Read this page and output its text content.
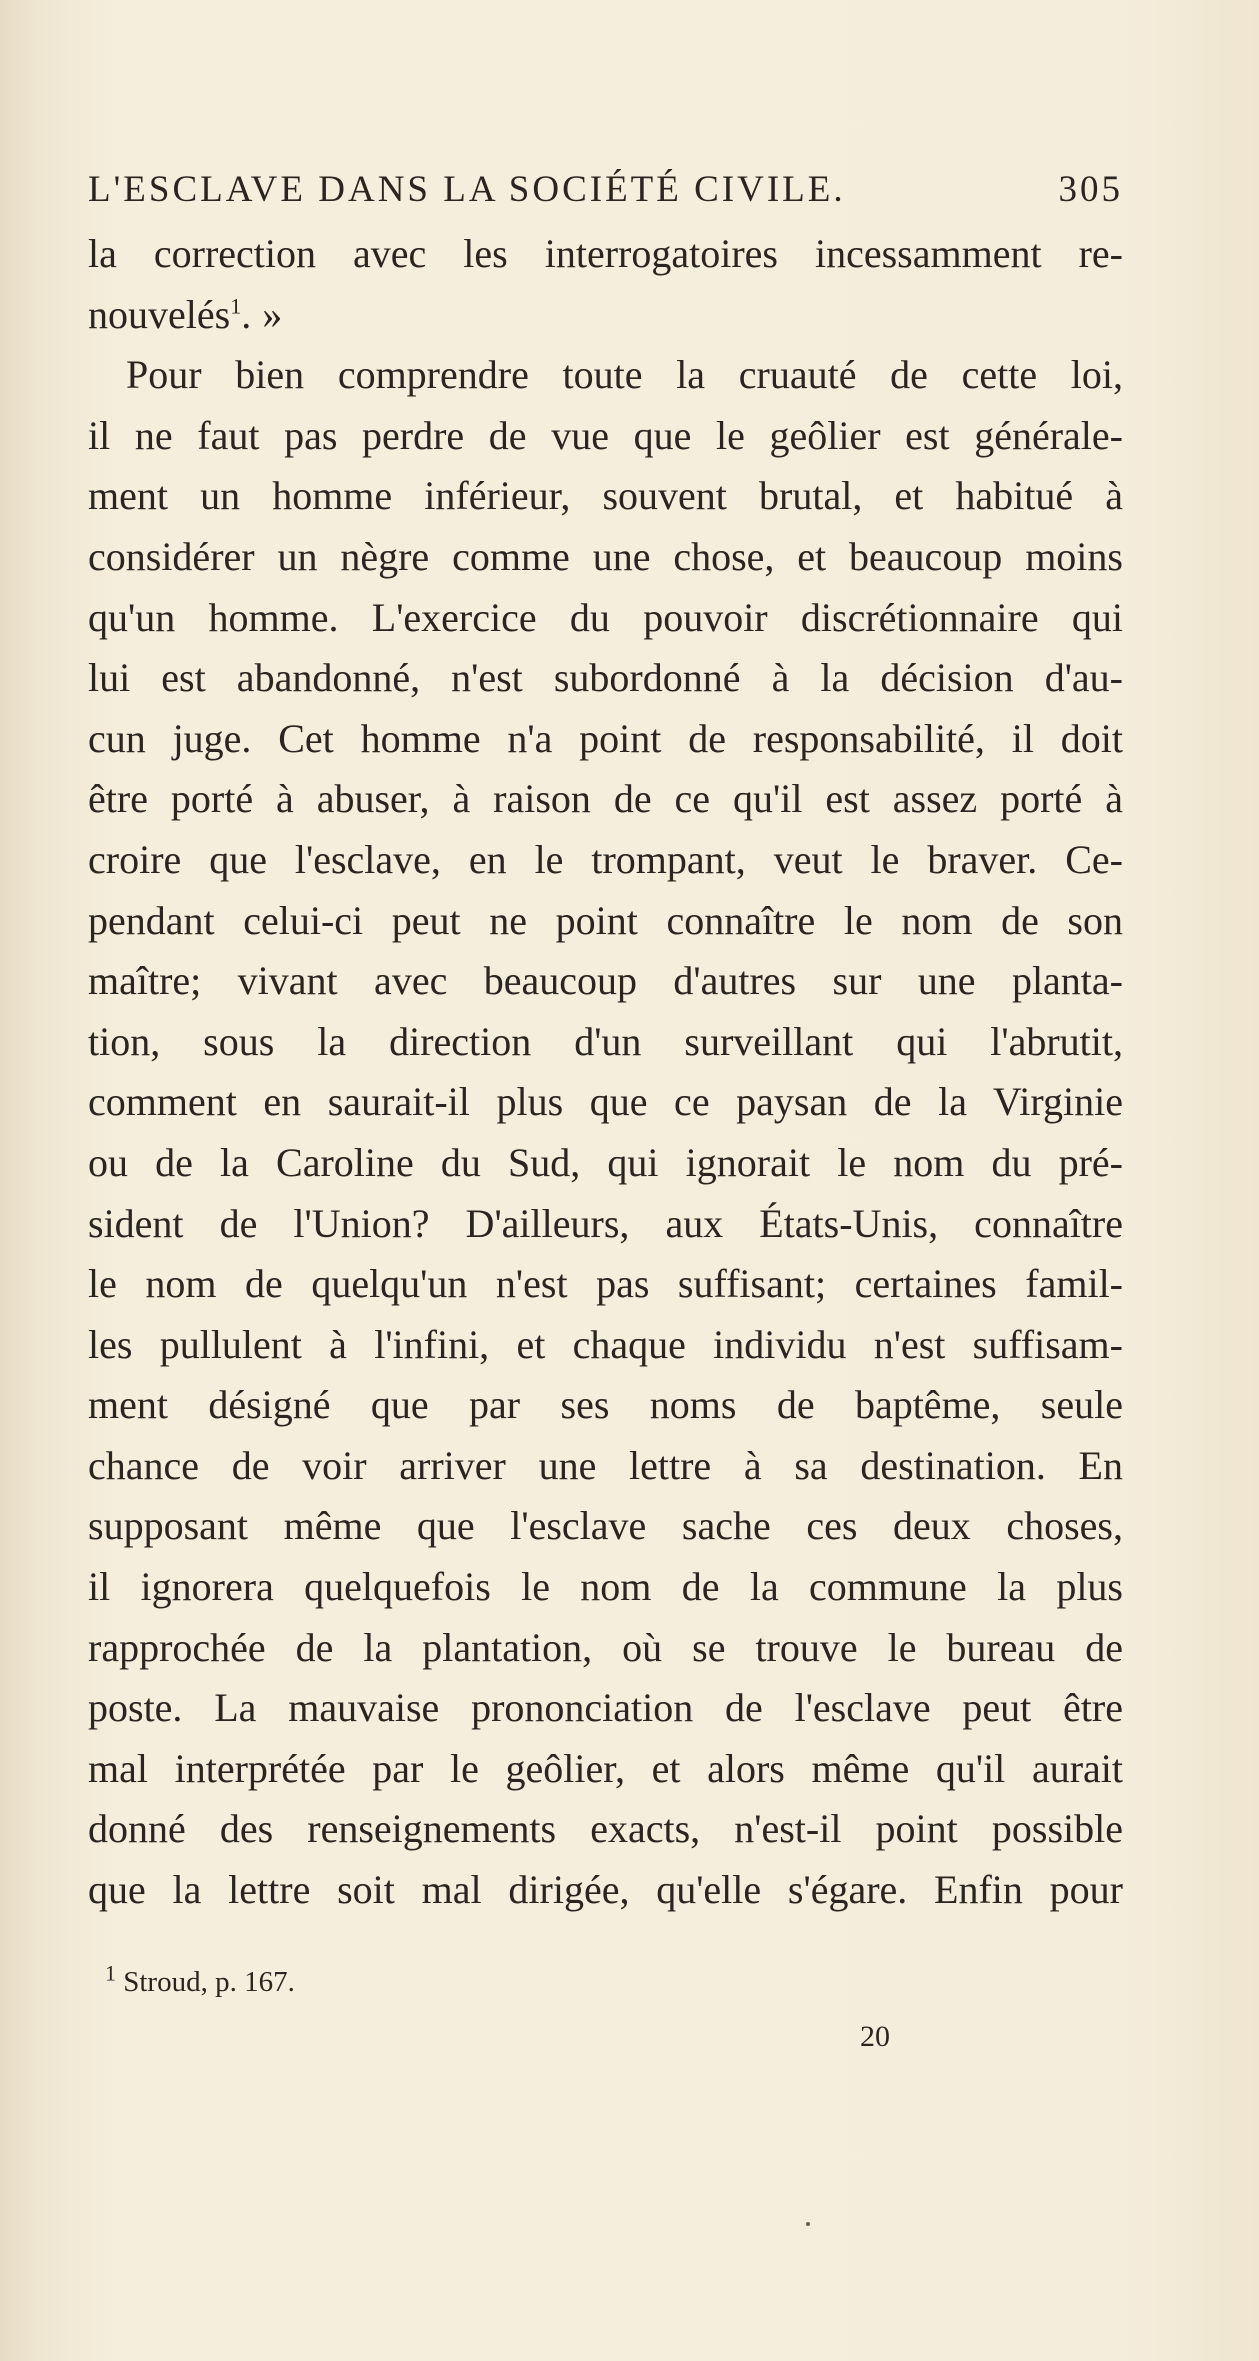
L'ESCLAVE DANS LA SOCIÉTÉ CIVILE.	305
la correction avec les interrogatoires incessamment re-
nouvelés$^1$. »
Pour bien comprendre toute la cruauté de cette loi,
il ne faut pas perdre de vue que le geôlier est générale-
ment un homme inférieur, souvent brutal, et habitué à
considérer un nègre comme une chose, et beaucoup moins
qu'un homme. L'exercice du pouvoir discrétionnaire qui
lui est abandonné, n'est subordonné à la décision d'au-
cun juge. Cet homme n'a point de responsabilité, il doit
être porté à abuser, à raison de ce qu'il est assez porté à
croire que l'esclave, en le trompant, veut le braver. Ce-
pendant celui-ci peut ne point connaître le nom de son
maître; vivant avec beaucoup d'autres sur une planta-
tion, sous la direction d'un surveillant qui l'abrutit,
comment en saurait-il plus que ce paysan de la Virginie
ou de la Caroline du Sud, qui ignorait le nom du pré-
sident de l'Union? D'ailleurs, aux États-Unis, connaître
le nom de quelqu'un n'est pas suffisant; certaines famil-
les pullulent à l'infini, et chaque individu n'est suffisam-
ment désigné que par ses noms de baptême, seule
chance de voir arriver une lettre à sa destination. En
supposant même que l'esclave sache ces deux choses,
il ignorera quelquefois le nom de la commune la plus
rapprochée de la plantation, où se trouve le bureau de
poste. La mauvaise prononciation de l'esclave peut être
mal interprétée par le geôlier, et alors même qu'il aurait
donné des renseignements exacts, n'est-il point possible
que la lettre soit mal dirigée, qu'elle s'égare. Enfin pour
$^1$ Stroud, p. 167.
20
